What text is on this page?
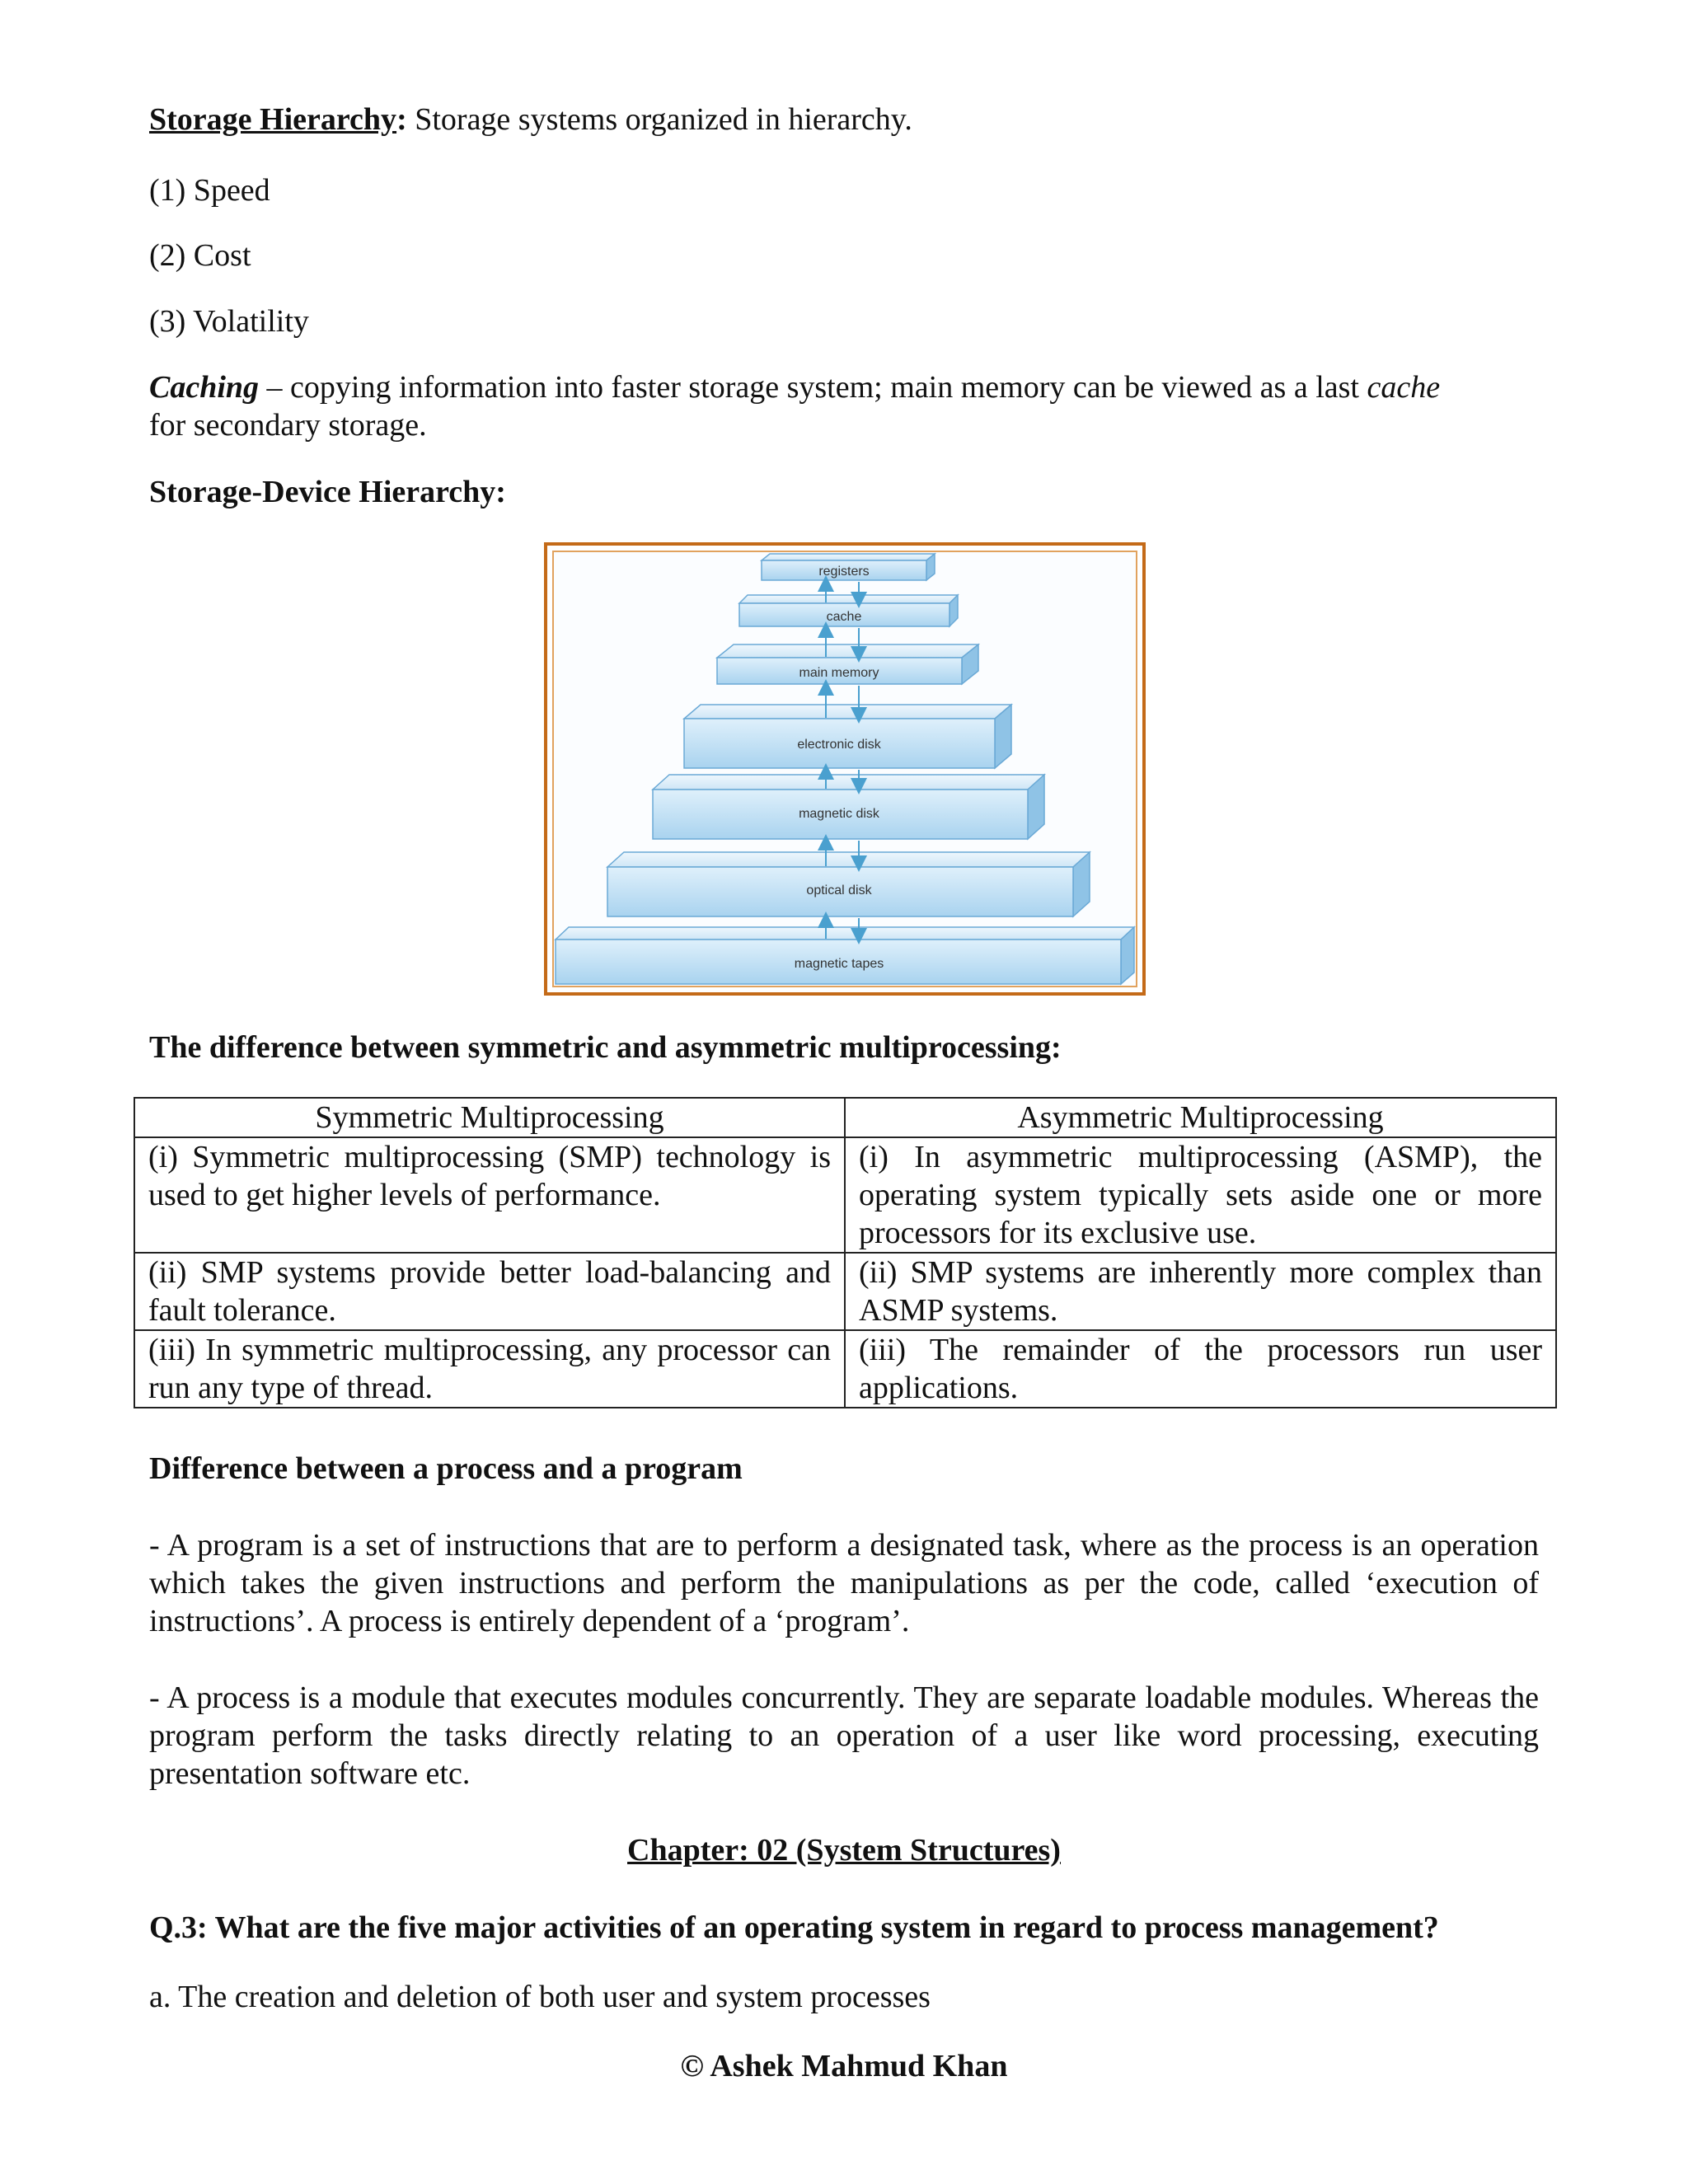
Storage Hierarchy: Storage systems organized in hierarchy.
(1) Speed
(2) Cost
(3) Volatility
Caching – copying information into faster storage system; main memory can be viewed as a last cache
for secondary storage.
Storage-Device Hierarchy:
registers
cache
main memory
electronic disk
magnetic disk
optical disk
magnetic tapes
The difference between symmetric and asymmetric multiprocessing:
Symmetric Multiprocessing	Asymmetric Multiprocessing
(i) Symmetric multiprocessing (SMP) technology is used to get higher levels of performance.	(i) In asymmetric multiprocessing (ASMP), the operating system typically sets aside one or more processors for its exclusive use.
(ii) SMP systems provide better load-balancing and fault tolerance.	(ii) SMP systems are inherently more complex than ASMP systems.
(iii) In symmetric multiprocessing, any processor can run any type of thread.	(iii) The remainder of the processors run user applications.
Difference between a process and a program
- A program is a set of instructions that are to perform a designated task, where as the process is an operation which takes the given instructions and perform the manipulations as per the code, called ‘execution of instructions’. A process is entirely dependent of a ‘program’.
- A process is a module that executes modules concurrently. They are separate loadable modules. Whereas the program perform the tasks directly relating to an operation of a user like word processing, executing presentation software etc.
Chapter: 02 (System Structures)
Q.3: What are the five major activities of an operating system in regard to process management?
a. The creation and deletion of both user and system processes
© Ashek Mahmud Khan
